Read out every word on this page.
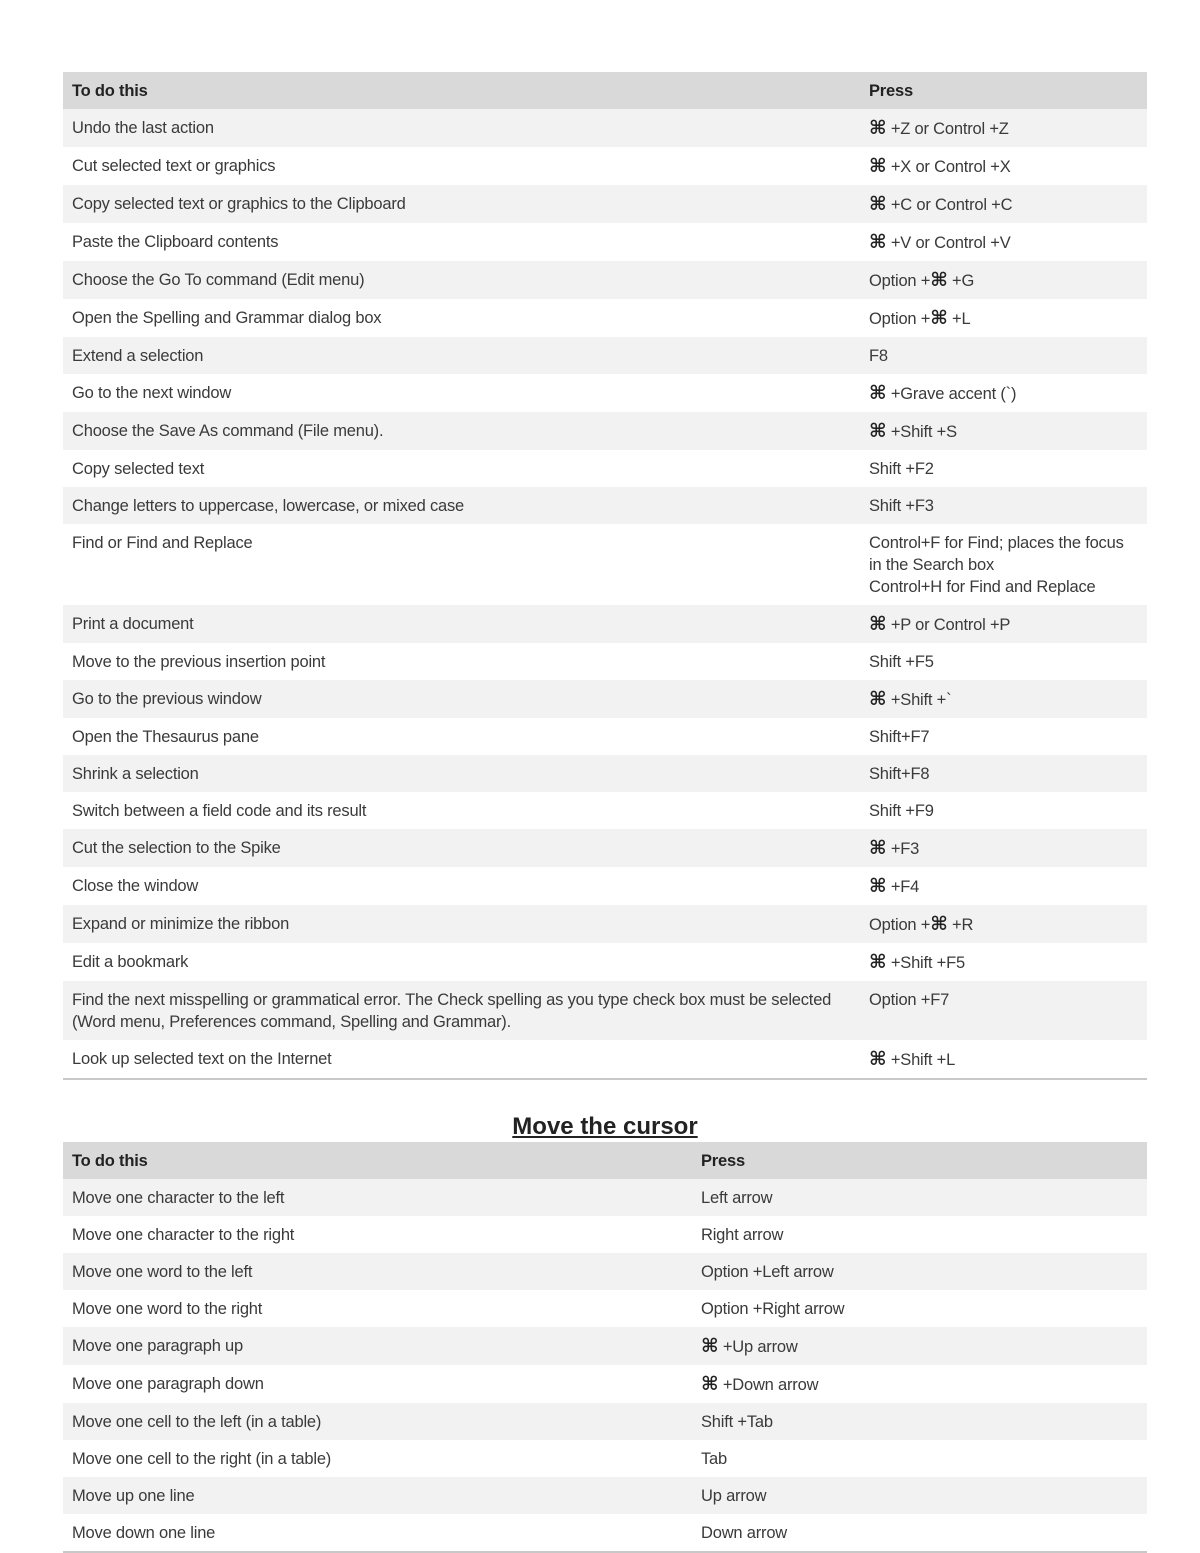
To do this	Press
Undo the last action	⌘ +Z or Control +Z
Cut selected text or graphics	⌘ +X or Control +X
Copy selected text or graphics to the Clipboard	⌘ +C or Control +C
Paste the Clipboard contents	⌘ +V or Control +V
Choose the Go To command (Edit menu)	Option +⌘ +G
Open the Spelling and Grammar dialog box	Option +⌘ +L
Extend a selection	F8
Go to the next window	⌘ +Grave accent (`)
Choose the Save As command (File menu).	⌘ +Shift +S
Copy selected text	Shift +F2
Change letters to uppercase, lowercase, or mixed case	Shift +F3
Find or Find and Replace	Control+F for Find; places the focus in the Search box
Control+H for Find and Replace
Print a document	⌘ +P or Control +P
Move to the previous insertion point	Shift +F5
Go to the previous window	⌘ +Shift +`
Open the Thesaurus pane	Shift+F7
Shrink a selection	Shift+F8
Switch between a field code and its result	Shift +F9
Cut the selection to the Spike	⌘ +F3
Close the window	⌘ +F4
Expand or minimize the ribbon	Option +⌘ +R
Edit a bookmark	⌘ +Shift +F5
Find the next misspelling or grammatical error. The Check spelling as you type check box must be selected (Word menu, Preferences command, Spelling and Grammar).	Option +F7
Look up selected text on the Internet	⌘ +Shift +L
Move the cursor
To do this	Press
Move one character to the left	Left arrow
Move one character to the right	Right arrow
Move one word to the left	Option +Left arrow
Move one word to the right	Option +Right arrow
Move one paragraph up	⌘ +Up arrow
Move one paragraph down	⌘ +Down arrow
Move one cell to the left (in a table)	Shift +Tab
Move one cell to the right (in a table)	Tab
Move up one line	Up arrow
Move down one line	Down arrow
